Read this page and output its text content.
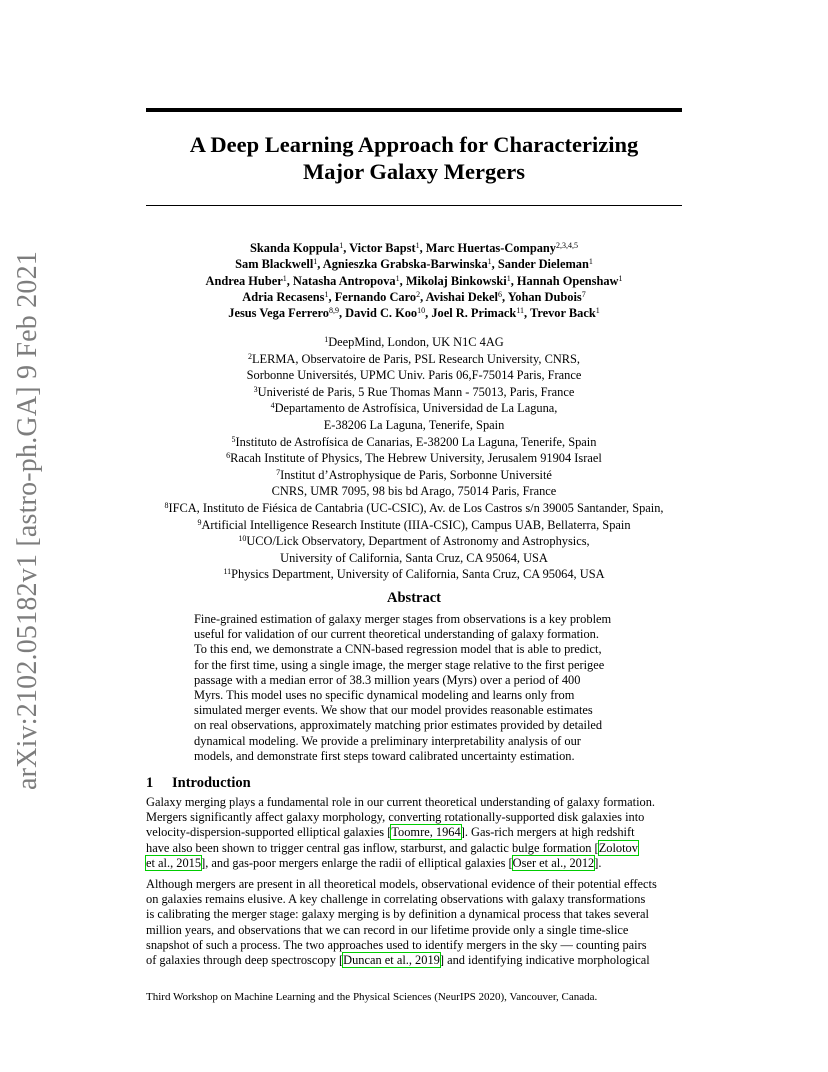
arXiv:2102.05182v1 [astro-ph.GA] 9 Feb 2021
A Deep Learning Approach for Characterizing
Major Galaxy Mergers
Skanda Koppula$^1$, Victor Bapst$^1$, Marc Huertas-Company$^{2,3,4,5}$
Sam Blackwell$^1$, Agnieszka Grabska-Barwinska$^1$, Sander Dieleman$^1$
Andrea Huber$^1$, Natasha Antropova$^1$, Mikolaj Binkowski$^1$, Hannah Openshaw$^1$
Adria Recasens$^1$, Fernando Caro$^2$, Avishai Dekel$^6$, Yohan Dubois$^7$
Jesus Vega Ferrero$^{8,9}$, David C. Koo$^{10}$, Joel R. Primack$^{11}$, Trevor Back$^1$
$^1$DeepMind, London, UK N1C 4AG
$^2$LERMA, Observatoire de Paris, PSL Research University, CNRS,
Sorbonne Universités, UPMC Univ. Paris 06,F-75014 Paris, France
$^3$Univeristé de Paris, 5 Rue Thomas Mann - 75013, Paris, France
$^4$Departamento de Astrofísica, Universidad de La Laguna,
E-38206 La Laguna, Tenerife, Spain
$^5$Instituto de Astrofísica de Canarias, E-38200 La Laguna, Tenerife, Spain
$^6$Racah Institute of Physics, The Hebrew University, Jerusalem 91904 Israel
$^7$Institut d’Astrophysique de Paris, Sorbonne Université
CNRS, UMR 7095, 98 bis bd Arago, 75014 Paris, France
$^8$IFCA, Instituto de Fiésica de Cantabria (UC-CSIC), Av. de Los Castros s/n 39005 Santander, Spain,
$^9$Artificial Intelligence Research Institute (IIIA-CSIC), Campus UAB, Bellaterra, Spain
$^{10}$UCO/Lick Observatory, Department of Astronomy and Astrophysics,
University of California, Santa Cruz, CA 95064, USA
$^{11}$Physics Department, University of California, Santa Cruz, CA 95064, USA
Abstract
Fine-grained estimation of galaxy merger stages from observations is a key problem
useful for validation of our current theoretical understanding of galaxy formation.
To this end, we demonstrate a CNN-based regression model that is able to predict,
for the first time, using a single image, the merger stage relative to the first perigee
passage with a median error of 38.3 million years (Myrs) over a period of 400
Myrs. This model uses no specific dynamical modeling and learns only from
simulated merger events. We show that our model provides reasonable estimates
on real observations, approximately matching prior estimates provided by detailed
dynamical modeling. We provide a preliminary interpretability analysis of our
models, and demonstrate first steps toward calibrated uncertainty estimation.
1 Introduction
Galaxy merging plays a fundamental role in our current theoretical understanding of galaxy formation.
Mergers significantly affect galaxy morphology, converting rotationally-supported disk galaxies into
velocity-dispersion-supported elliptical galaxies [Toomre, 1964]. Gas-rich mergers at high redshift
have also been shown to trigger central gas inflow, starburst, and galactic bulge formation [Zolotov
et al., 2015], and gas-poor mergers enlarge the radii of elliptical galaxies [Oser et al., 2012].
Although mergers are present in all theoretical models, observational evidence of their potential effects
on galaxies remains elusive. A key challenge in correlating observations with galaxy transformations
is calibrating the merger stage: galaxy merging is by definition a dynamical process that takes several
million years, and observations that we can record in our lifetime provide only a single time-slice
snapshot of such a process. The two approaches used to identify mergers in the sky — counting pairs
of galaxies through deep spectroscopy [Duncan et al., 2019] and identifying indicative morphological
Third Workshop on Machine Learning and the Physical Sciences (NeurIPS 2020), Vancouver, Canada.
